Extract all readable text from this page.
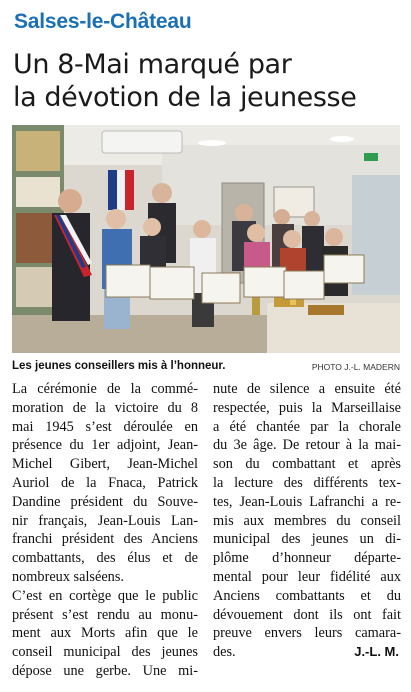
Salses-le-Château
Un 8-Mai marqué par
la dévotion de la jeunesse
Les jeunes conseillers mis à l’honneur.	PHOTO J.-L. MADERN
La cérémonie de la commé-
moration de la victoire du 8
mai 1945 s’est déroulée en
présence du 1er adjoint, Jean-
Michel Gibert, Jean-Michel
Auriol de la Fnaca, Patrick
Dandine président du Souve-
nir français, Jean-Louis Lan-
franchi président des Anciens
combattants, des élus et de
nombreux salséens.
C’est en cortège que le public
présent s’est rendu au monu-
ment aux Morts afin que le
conseil municipal des jeunes
dépose une gerbe. Une mi-
nute de silence a ensuite été
respectée, puis la Marseillaise
a été chantée par la chorale
du 3e âge. De retour à la mai-
son du combattant et après
la lecture des différents tex-
tes, Jean-Louis Lafranchi a re-
mis aux membres du conseil
municipal des jeunes un di-
plôme d’honneur départe-
mental pour leur fidélité aux
Anciens combattants et du
dévouement dont ils ont fait
preuve envers leurs camara-
des.	J.-L. M.
